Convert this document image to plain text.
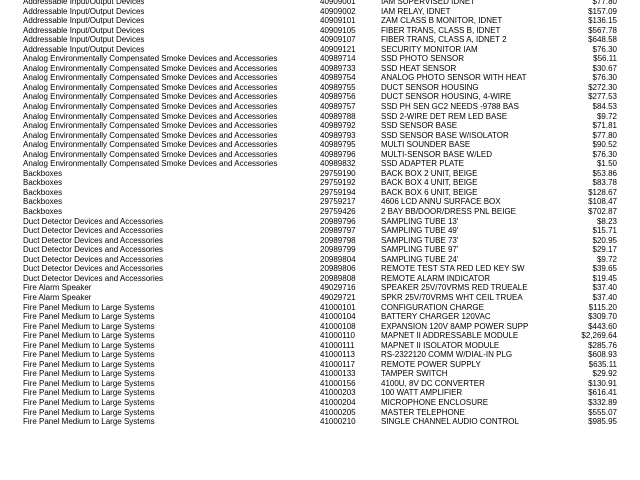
Addressable Input/Output Devices	40909001	IAM SUPERVISED IDNET	$77.80
Addressable Input/Output Devices	40909002	IAM RELAY, IDNET	$157.09
Addressable Input/Output Devices	40909101	ZAM CLASS B MONITOR, IDNET	$136.15
Addressable Input/Output Devices	40909105	FIBER TRANS, CLASS B, IDNET	$567.78
Addressable Input/Output Devices	40909107	FIBER TRANS, CLASS A, IDNET 2	$648.58
Addressable Input/Output Devices	40909121	SECURITY MONITOR IAM	$76.30
Analog Environmentally Compensated Smoke Devices and Accessories	40989714	SSD PHOTO SENSOR	$56.11
Analog Environmentally Compensated Smoke Devices and Accessories	40989733	SSD HEAT SENSOR	$30.67
Analog Environmentally Compensated Smoke Devices and Accessories	40989754	ANALOG PHOTO SENSOR WITH HEAT	$76.30
Analog Environmentally Compensated Smoke Devices and Accessories	40989755	DUCT SENSOR HOUSING	$272.30
Analog Environmentally Compensated Smoke Devices and Accessories	40989756	DUCT SENSOR HOUSING, 4-WIRE	$277.53
Analog Environmentally Compensated Smoke Devices and Accessories	40989757	SSD PH SEN GC2 NEEDS -9788 BAS	$84.53
Analog Environmentally Compensated Smoke Devices and Accessories	40989788	SSD 2-WIRE DET REM LED BASE	$9.72
Analog Environmentally Compensated Smoke Devices and Accessories	40989792	SSD SENSOR BASE	$71.81
Analog Environmentally Compensated Smoke Devices and Accessories	40989793	SSD SENSOR BASE W/ISOLATOR	$77.80
Analog Environmentally Compensated Smoke Devices and Accessories	40989795	MULTI SOUNDER BASE	$90.52
Analog Environmentally Compensated Smoke Devices and Accessories	40989796	MULTI-SENSOR BASE W/LED	$76.30
Analog Environmentally Compensated Smoke Devices and Accessories	40989832	SSD ADAPTER PLATE	$1.50
Backboxes	29759190	BACK BOX 2 UNIT, BEIGE	$53.86
Backboxes	29759192	BACK BOX 4 UNIT, BEIGE	$83.78
Backboxes	29759194	BACK BOX 6 UNIT, BEIGE	$128.67
Backboxes	29759217	4606 LCD ANNU SURFACE BOX	$108.47
Backboxes	29759426	2 BAY BB/DOOR/DRESS PNL BEIGE	$702.87
Duct Detector Devices and Accessories	20989796	SAMPLING TUBE 13'	$8.23
Duct Detector Devices and Accessories	20989797	SAMPLING TUBE 49'	$15.71
Duct Detector Devices and Accessories	20989798	SAMPLING TUBE 73'	$20.95
Duct Detector Devices and Accessories	20989799	SAMPLING TUBE 97'	$29.17
Duct Detector Devices and Accessories	20989804	SAMPLING TUBE 24'	$9.72
Duct Detector Devices and Accessories	20989806	REMOTE TEST STA RED LED KEY SW	$39.65
Duct Detector Devices and Accessories	20989808	REMOTE ALARM INDICATOR	$19.45
Fire Alarm Speaker	49029716	SPEAKER 25V/70VRMS RED TRUEALE	$37.40
Fire Alarm Speaker	49029721	SPKR 25V/70VRMS WHT CEIL TRUEA	$37.40
Fire Panel Medium to Large Systems	41000101	CONFIGURATION CHARGE	$115.20
Fire Panel Medium to Large Systems	41000104	BATTERY CHARGER 120VAC	$309.70
Fire Panel Medium to Large Systems	41000108	EXPANSION 120V 8AMP POWER SUPP	$443.60
Fire Panel Medium to Large Systems	41000110	MAPNET II ADDRESSABLE MODULE	$2,269.64
Fire Panel Medium to Large Systems	41000111	MAPNET II ISOLATOR MODULE	$285.76
Fire Panel Medium to Large Systems	41000113	RS-2322120 COMM W/DIAL-IN PLG	$608.93
Fire Panel Medium to Large Systems	41000117	REMOTE POWER SUPPLY	$635.11
Fire Panel Medium to Large Systems	41000133	TAMPER SWITCH	$29.92
Fire Panel Medium to Large Systems	41000156	4100U, 8V DC CONVERTER	$130.91
Fire Panel Medium to Large Systems	41000203	100 WATT AMPLIFIER	$616.41
Fire Panel Medium to Large Systems	41000204	MICROPHONE ENCLOSURE	$332.89
Fire Panel Medium to Large Systems	41000205	MASTER TELEPHONE	$555.07
Fire Panel Medium to Large Systems	41000210	SINGLE CHANNEL AUDIO CONTROL	$985.95
